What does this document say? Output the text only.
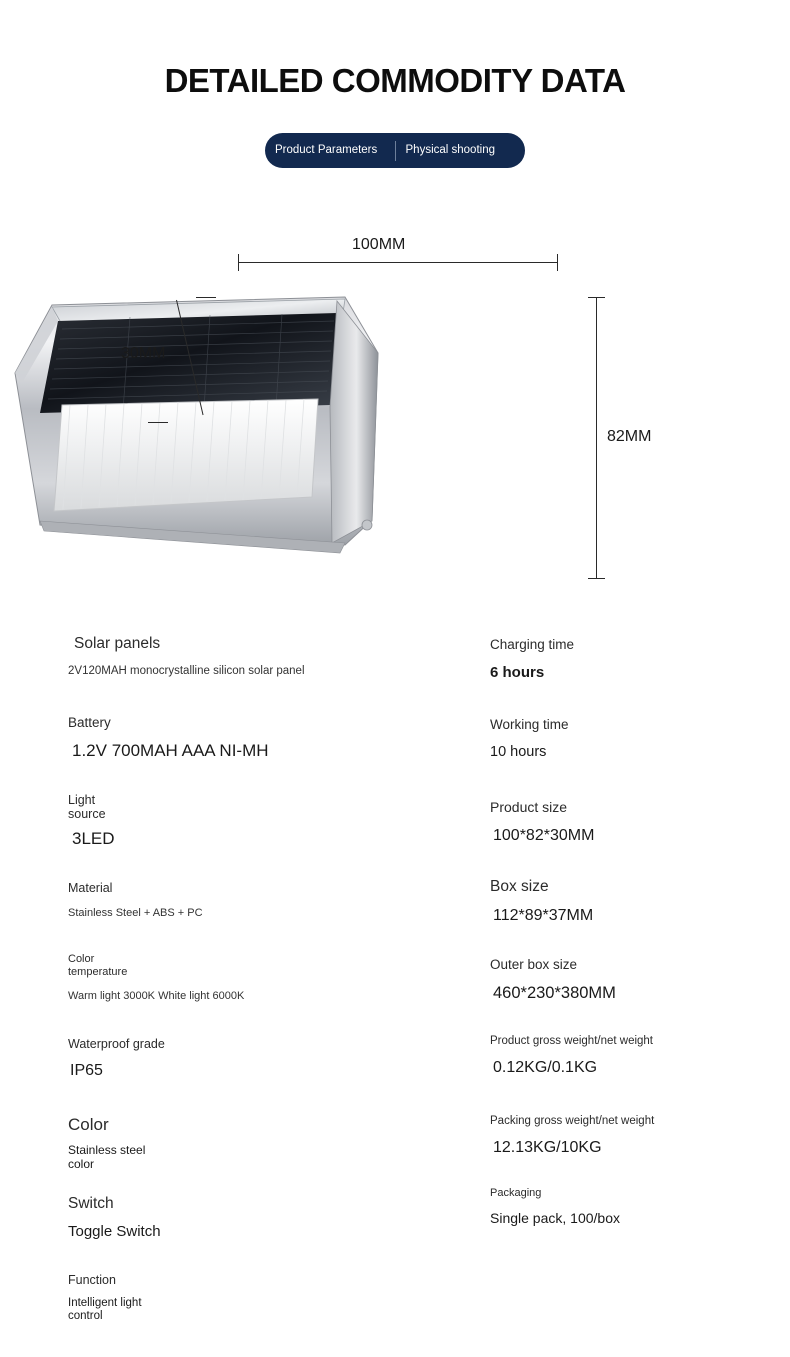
DETAILED COMMODITY DATA
Product Parameters	Physical shooting
100MM
30MM
82MM
Solar panels
2V120MAH monocrystalline silicon solar panel
Battery
1.2V 700MAH AAA NI-MH
Light source
3LED
Material
Stainless Steel + ABS + PC
Color temperature
Warm light 3000K White light 6000K
Waterproof grade
IP65
Color
Stainless steel color
Switch
Toggle Switch
Function
Intelligent light control
Charging time
6 hours
Working time
10 hours
Product size
100*82*30MM
Box size
112*89*37MM
Outer box size
460*230*380MM
Product gross weight/net weight
0.12KG/0.1KG
Packing gross weight/net weight
12.13KG/10KG
Packaging
Single pack, 100/box
